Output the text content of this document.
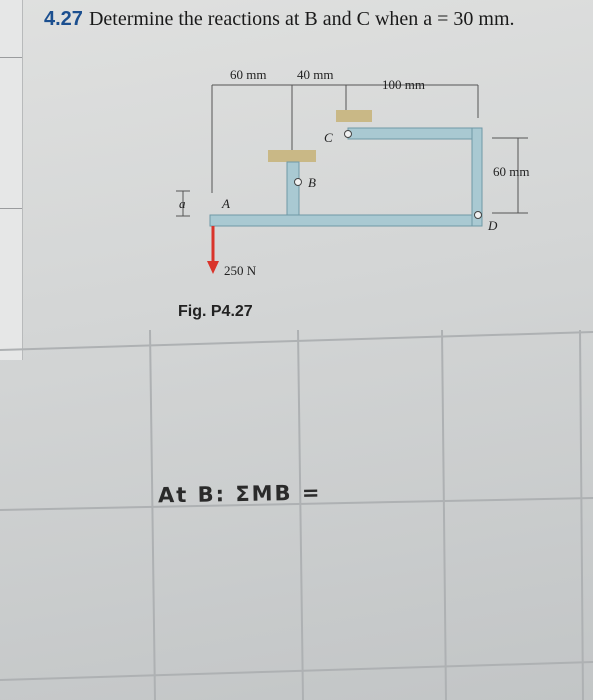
4.27 Determine the reactions at B and C when a = 30 mm.
60 mm 40 mm
100 mm
60 mm
a	A
B
C
D
250 N
Fig. P4.27
At B: ΣMB =
